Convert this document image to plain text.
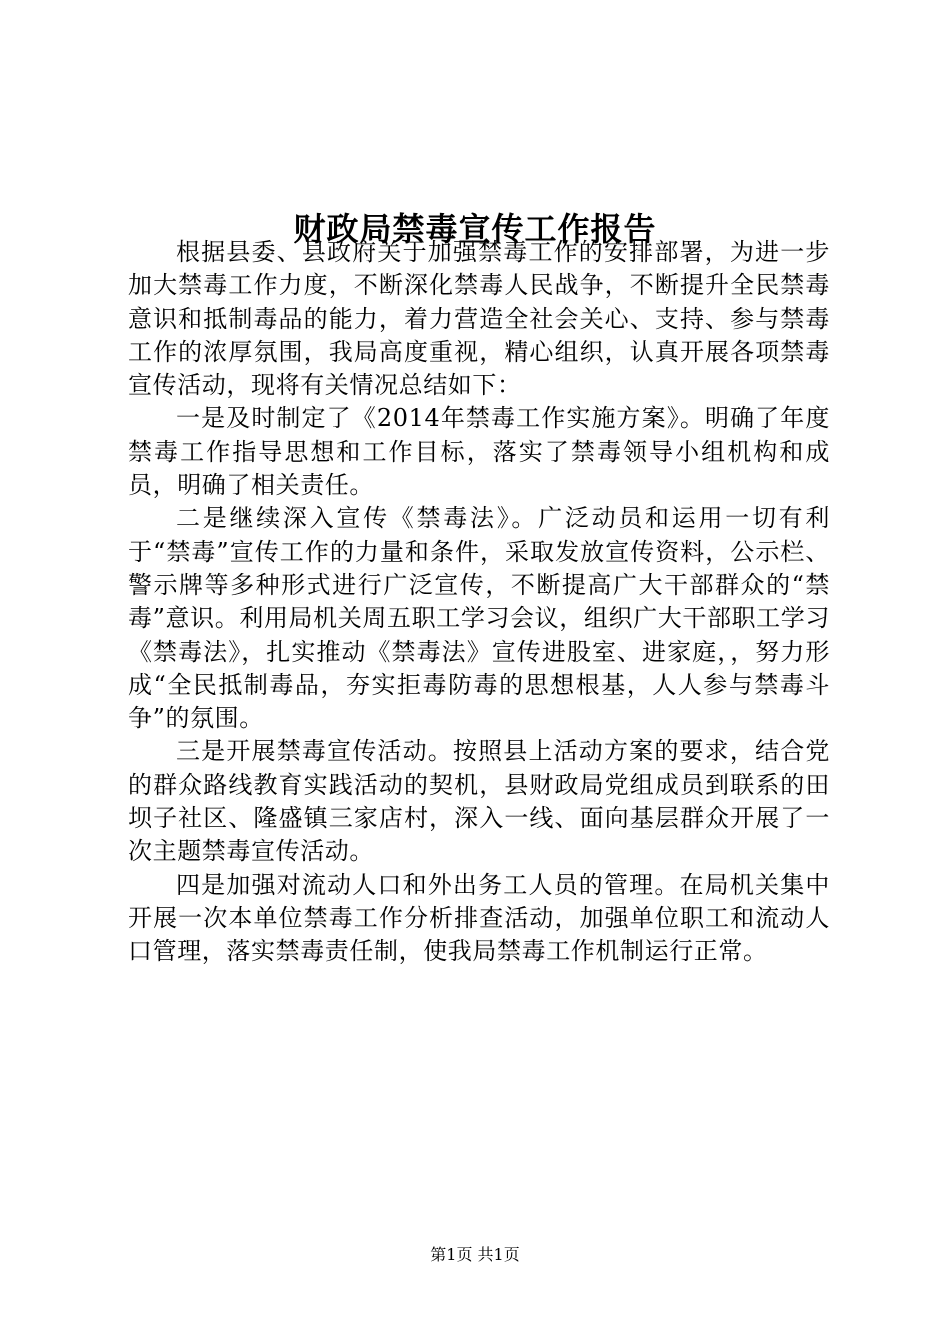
财政局禁毒宣传工作报告

根据县委、县政府关于加强禁毒工作的安排部署，为进一步加大禁毒工作力度，不断深化禁毒人民战争，不断提升全民禁毒意识和抵制毒品的能力，着力营造全社会关心、支持、参与禁毒工作的浓厚氛围，我局高度重视，精心组织，认真开展各项禁毒宣传活动，现将有关情况总结如下：

一是及时制定了《2014年禁毒工作实施方案》。明确了年度禁毒工作指导思想和工作目标，落实了禁毒领导小组机构和成员，明确了相关责任。

二是继续深入宣传《禁毒法》。广泛动员和运用一切有利于“禁毒”宣传工作的力量和条件，采取发放宣传资料，公示栏、警示牌等多种形式进行广泛宣传，不断提高广大干部群众的“禁毒”意识。利用局机关周五职工学习会议，组织广大干部职工学习《禁毒法》，扎实推动《禁毒法》宣传进股室、进家庭，，努力形成“全民抵制毒品，夯实拒毒防毒的思想根基，人人参与禁毒斗争”的氛围。

三是开展禁毒宣传活动。按照县上活动方案的要求，结合党的群众路线教育实践活动的契机，县财政局党组成员到联系的田坝子社区、隆盛镇三家店村，深入一线、面向基层群众开展了一次主题禁毒宣传活动。

四是加强对流动人口和外出务工人员的管理。在局机关集中开展一次本单位禁毒工作分析排查活动，加强单位职工和流动人口管理，落实禁毒责任制，使我局禁毒工作机制运行正常。

第1页 共1页
